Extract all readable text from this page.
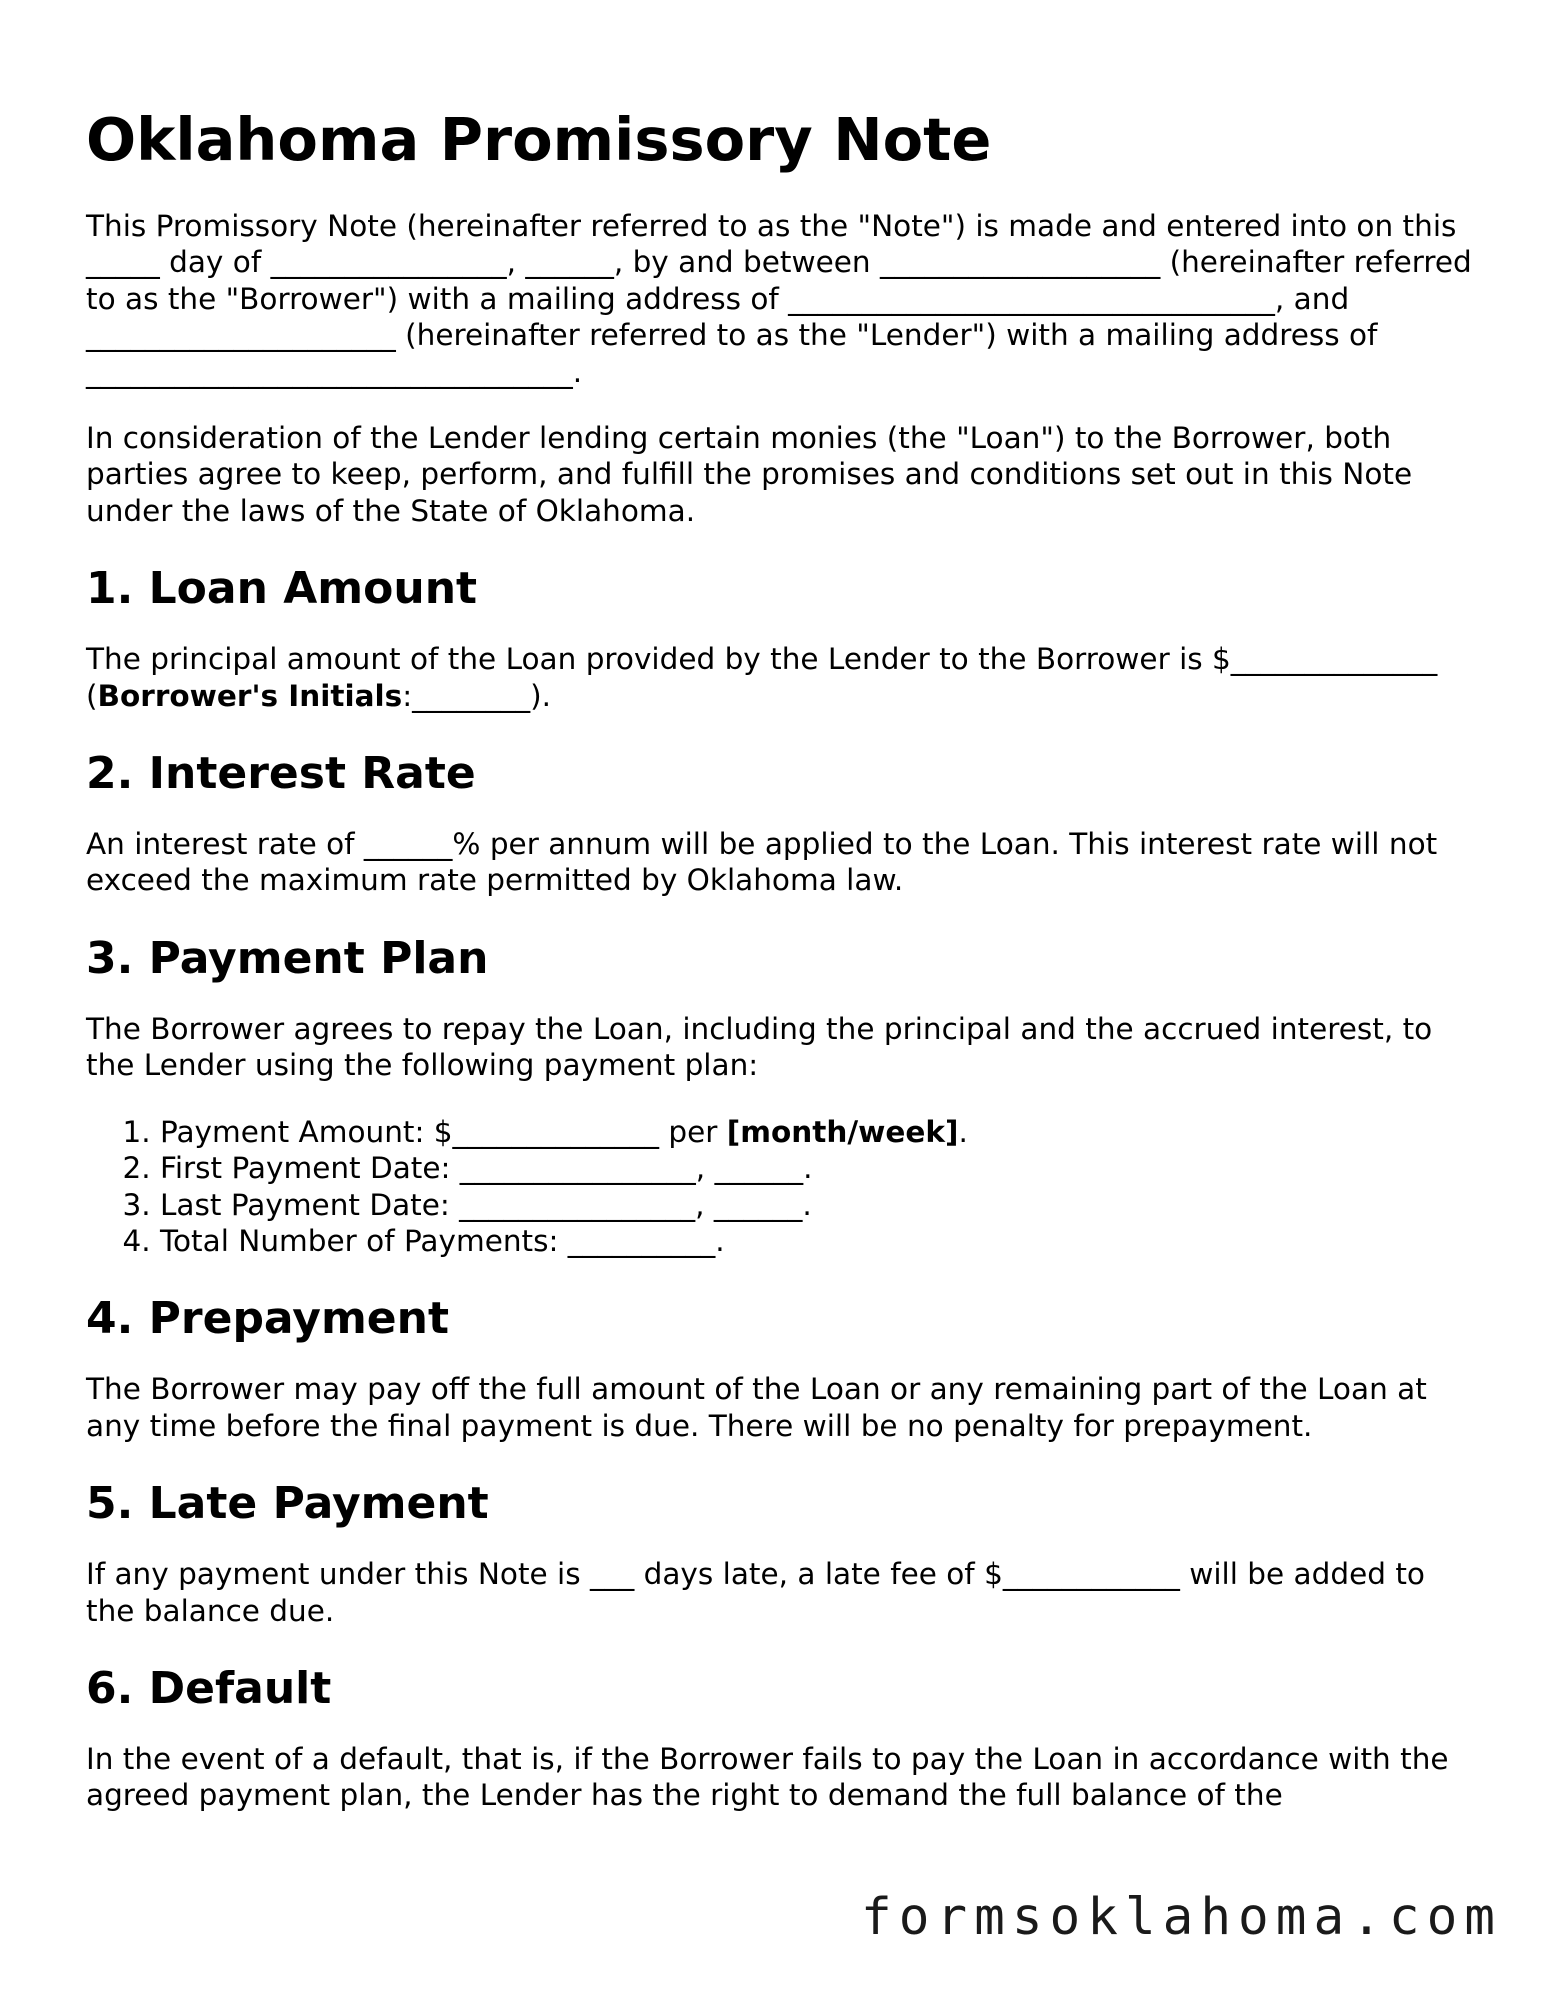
Oklahoma Promissory Note

This Promissory Note (hereinafter referred to as the "Note") is made and entered into on this _____ day of ________________, ______, by and between ___________________ (hereinafter referred to as the "Borrower") with a mailing address of _________________________________, and _____________________ (hereinafter referred to as the "Lender") with a mailing address of _________________________________.

In consideration of the Lender lending certain monies (the "Loan") to the Borrower, both parties agree to keep, perform, and fulfill the promises and conditions set out in this Note under the laws of the State of Oklahoma.

1. Loan Amount

The principal amount of the Loan provided by the Lender to the Borrower is $______________ (Borrower's Initials:________).

2. Interest Rate

An interest rate of ______% per annum will be applied to the Loan. This interest rate will not exceed the maximum rate permitted by Oklahoma law.

3. Payment Plan

The Borrower agrees to repay the Loan, including the principal and the accrued interest, to the Lender using the following payment plan:

1. Payment Amount: $______________ per [month/week].
2. First Payment Date: ________________, ______.
3. Last Payment Date: ________________, ______.
4. Total Number of Payments: __________.
4. Prepayment

The Borrower may pay off the full amount of the Loan or any remaining part of the Loan at any time before the final payment is due. There will be no penalty for prepayment.

5. Late Payment

If any payment under this Note is ___ days late, a late fee of $____________ will be added to the balance due.

6. Default

In the event of a default, that is, if the Borrower fails to pay the Loan in accordance with the agreed payment plan, the Lender has the right to demand the full balance of the

formsoklahoma.com
